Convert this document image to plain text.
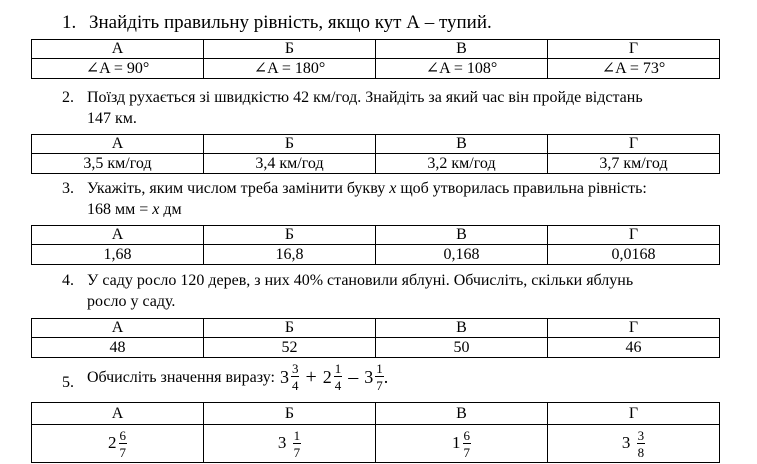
1. Знайдіть правильну рівність, якщо кут А – тупий.
А	Б	В	Г
∠A = 90°	∠A = 180°	∠A = 108°	∠A = 73°
2. Поїзд рухається зі швидкістю 42 км/год. Знайдіть за який час він пройде відстань
147 км.
А	Б	В	Г
3,5 км/год	3,4 км/год	3,2 км/год	3,7 км/год
3. Укажіть, яким числом треба замінити букву x щоб утворилась правильна рівність:
168 мм = x дм
А	Б	В	Г
1,68	16,8	0,168	0,0168
4. У саду росло 120 дерев, з них 40% становили яблуні. Обчисліть, скільки яблунь
росло у саду.
А	Б	В	Г
48	52	50	46
5. Обчисліть значення виразу: $3 \frac{3}{4} + 2 \frac{1}{4} - 3 \frac{1}{7}$ .
А	Б	В	Г
$2 \frac{6}{7}$	$3 \frac{1}{7}$	$1 \frac{6}{7}$	$3 \frac{3}{8}$
